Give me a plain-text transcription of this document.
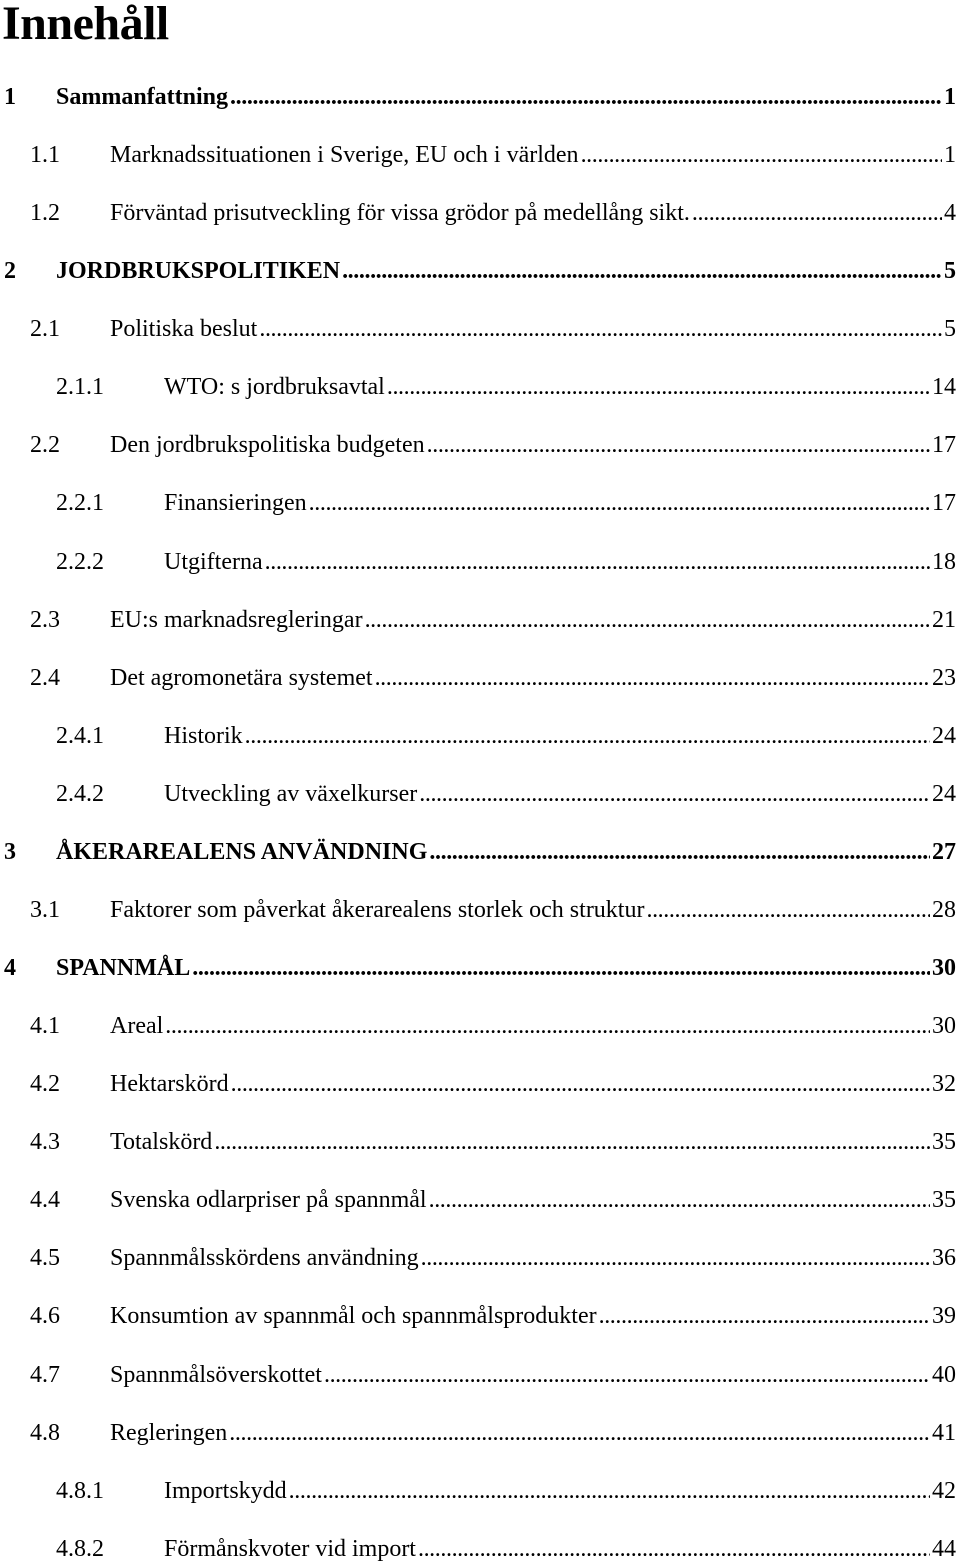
Innehåll
1	Sammanfattning . . .	1
1.1	Marknadssituationen i Sverige, EU och i världen . . .	1
1.2	Förväntad prisutveckling för vissa grödor på medellång sikt. . . .	4
2	JORDBRUKSPOLITIKEN . . .	5
2.1	Politiska beslut . . .	5
2.1.1	WTO: s jordbruksavtal . . .	14
2.2	Den jordbrukspolitiska budgeten . . .	17
2.2.1	Finansieringen . . .	17
2.2.2	Utgifterna . . .	18
2.3	EU:s marknadsregleringar . . .	21
2.4	Det agromonetära systemet . . .	23
2.4.1	Historik . . .	24
2.4.2	Utveckling av växelkurser . . .	24
3	ÅKERAREALENS ANVÄNDNING . . .	27
3.1	Faktorer som påverkat åkerarealens storlek och struktur . . .	28
4	SPANNMÅL . . .	30
4.1	Areal . . .	30
4.2	Hektarskörd . . .	32
4.3	Totalskörd . . .	35
4.4	Svenska odlarpriser på spannmål . . .	35
4.5	Spannmålsskördens användning . . .	36
4.6	Konsumtion av spannmål och spannmålsprodukter . . .	39
4.7	Spannmålsöverskottet . . .	40
4.8	Regleringen . . .	41
4.8.1	Importskydd . . .	42
4.8.2	Förmånskvoter vid import . . .	44
